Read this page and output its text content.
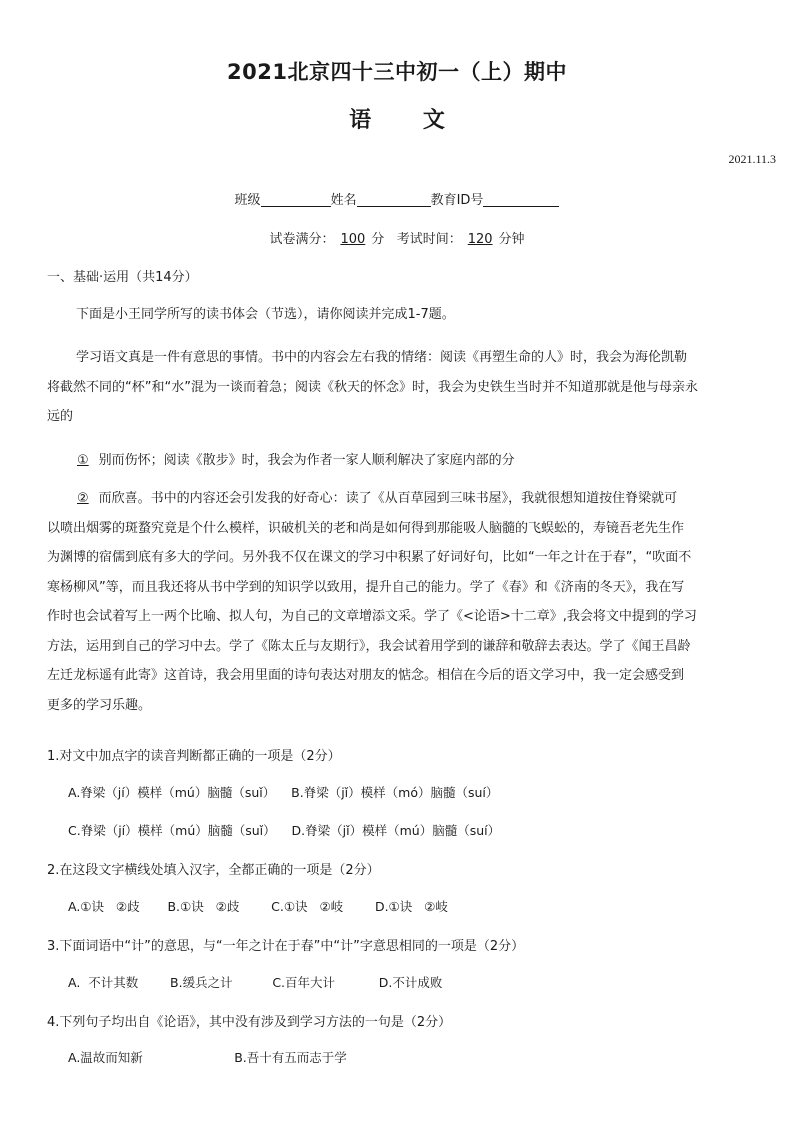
2021北京四十三中初一（上）期中
语 文
2021.11.3
班级	姓名	教育ID号
试卷满分： 100 分 考试时间： 120 分钟
一、基础·运用（共14分）
下面是小王同学所写的读书体会（节选），请你阅读并完成1-7题。
学习语文真是一件有意思的事情。书中的内容会左右我的情绪：阅读《再塑生命的人》时，我会为海伦凯勒
将截然不同的“杯”和“水”混为一谈而着急；阅读《秋天的怀念》时，我会为史铁生当时并不知道那就是他与母亲永
远的
① 别而伤怀；阅读《散步》时，我会为作者一家人顺利解决了家庭内部的分
② 而欣喜。书中的内容还会引发我的好奇心：读了《从百草园到三味书屋》，我就很想知道按住脊梁就可
以喷出烟雾的斑蝥究竟是个什么模样，识破机关的老和尚是如何得到那能吸人脑髓的飞蜈蚣的，寿镜吾老先生作
为渊博的宿儒到底有多大的学问。另外我不仅在课文的学习中积累了好词好句，比如“一年之计在于春”，“吹面不
寒杨柳风”等，而且我还将从书中学到的知识学以致用，提升自己的能力。学了《春》和《济南的冬天》，我在写
作时也会试着写上一两个比喻、拟人句，为自己的文章增添文采。学了《<论语>十二章》,我会将文中提到的学习
方法，运用到自己的学习中去。学了《陈太丘与友期行》，我会试着用学到的谦辞和敬辞去表达。学了《闻王昌龄
左迁龙标遥有此寄》这首诗，我会用里面的诗句表达对朋友的惦念。相信在今后的语文学习中，我一定会感受到
更多的学习乐趣。
1.对文中加点字的读音判断都正确的一项是（2分）
A.脊梁（jí）模样（mú）脑髓（suǐ）    B.脊梁（jǐ）模样（mó）脑髓（suí）
C.脊梁（jí）模样（mú）脑髓（suǐ）    D.脊梁（jǐ）模样（mú）脑髓（suí）
2.在这段文字横线处填入汉字，全都正确的一项是（2分）
A.①诀   ②歧       B.①诀   ②歧        C.①诀   ②岐        D.①诀   ②岐
3.下面词语中“计”的意思，与“一年之计在于春”中“计”字意思相同的一项是（2分）
A.  不计其数        B.缓兵之计          C.百年大计           D.不计成败
4.下列句子均出自《论语》，其中没有涉及到学习方法的一句是（2分）
A.温故而知新                       B.吾十有五而志于学
